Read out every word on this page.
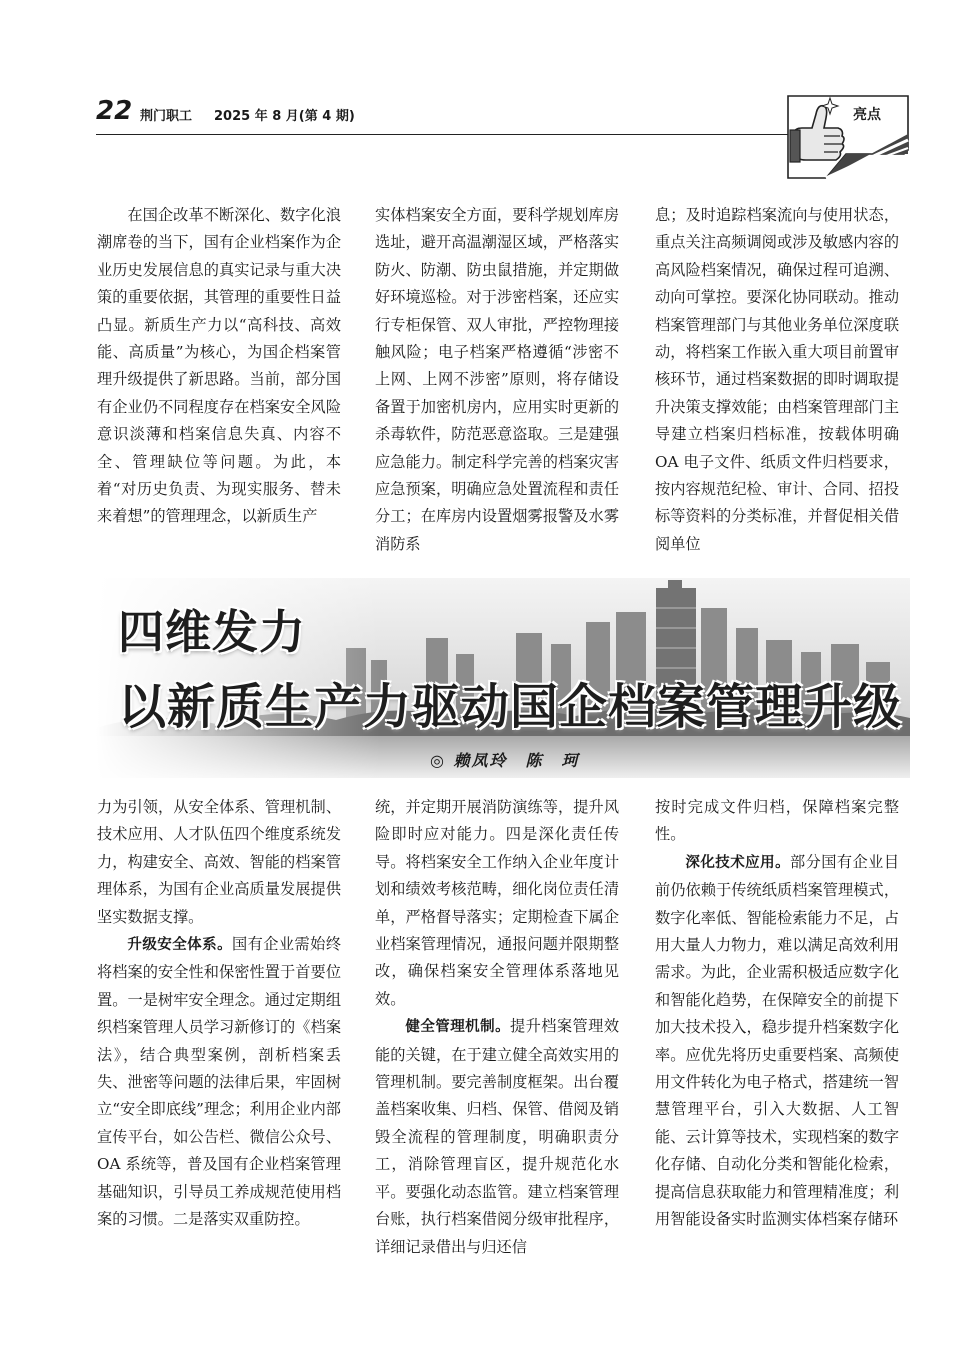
22 荆门职工 2025 年 8 月(第 4 期)	亮点

在国企改革不断深化、数字化浪潮席卷的当下，国有企业档案作为企业历史发展信息的真实记录与重大决策的重要依据，其管理的重要性日益凸显。新质生产力以“高科技、高效能、高质量”为核心，为国企档案管理升级提供了新思路。当前，部分国有企业仍不同程度存在档案安全风险意识淡薄和档案信息失真、内容不全、管理缺位等问题。为此，本着“对历史负责、为现实服务、替未来着想”的管理理念，以新质生产

实体档案安全方面，要科学规划库房选址，避开高温潮湿区域，严格落实防火、防潮、防虫鼠措施，并定期做好环境巡检。对于涉密档案，还应实行专柜保管、双人审批，严控物理接触风险；电子档案严格遵循“涉密不上网、上网不涉密”原则，将存储设备置于加密机房内，应用实时更新的杀毒软件，防范恶意盗取。三是建强应急能力。制定科学完善的档案灾害应急预案，明确应急处置流程和责任分工；在库房内设置烟雾报警及水雾消防系

息；及时追踪档案流向与使用状态，重点关注高频调阅或涉及敏感内容的高风险档案情况，确保过程可追溯、动向可掌控。要深化协同联动。推动档案管理部门与其他业务单位深度联动，将档案工作嵌入重大项目前置审核环节，通过档案数据的即时调取提升决策支撑效能；由档案管理部门主导建立档案归档标准，按载体明确 OA 电子文件、纸质文件归档要求，按内容规范纪检、审计、合同、招投标等资料的分类标准，并督促相关借阅单位

四维发力
以新质生产力驱动国企档案管理升级
◎ 赖凤玲　陈　珂

力为引领，从安全体系、管理机制、技术应用、人才队伍四个维度系统发力，构建安全、高效、智能的档案管理体系，为国有企业高质量发展提供坚实数据支撑。

升级安全体系。国有企业需始终将档案的安全性和保密性置于首要位置。一是树牢安全理念。通过定期组织档案管理人员学习新修订的《档案法》，结合典型案例，剖析档案丢失、泄密等问题的法律后果，牢固树立“安全即底线”理念；利用企业内部宣传平台，如公告栏、微信公众号、OA 系统等，普及国有企业档案管理基础知识，引导员工养成规范使用档案的习惯。二是落实双重防控。

统，并定期开展消防演练等，提升风险即时应对能力。四是深化责任传导。将档案安全工作纳入企业年度计划和绩效考核范畴，细化岗位责任清单，严格督导落实；定期检查下属企业档案管理情况，通报问题并限期整改，确保档案安全管理体系落地见效。

健全管理机制。提升档案管理效能的关键，在于建立健全高效实用的管理机制。要完善制度框架。出台覆盖档案收集、归档、保管、借阅及销毁全流程的管理制度，明确职责分工，消除管理盲区，提升规范化水平。要强化动态监管。建立档案管理台账，执行档案借阅分级审批程序，详细记录借出与归还信

按时完成文件归档，保障档案完整性。

深化技术应用。部分国有企业目前仍依赖于传统纸质档案管理模式，数字化率低、智能检索能力不足，占用大量人力物力，难以满足高效利用需求。为此，企业需积极适应数字化和智能化趋势，在保障安全的前提下加大技术投入，稳步提升档案数字化率。应优先将历史重要档案、高频使用文件转化为电子格式，搭建统一智慧管理平台，引入大数据、人工智能、云计算等技术，实现档案的数字化存储、自动化分类和智能化检索，提高信息获取能力和管理精准度；利用智能设备实时监测实体档案存储环
